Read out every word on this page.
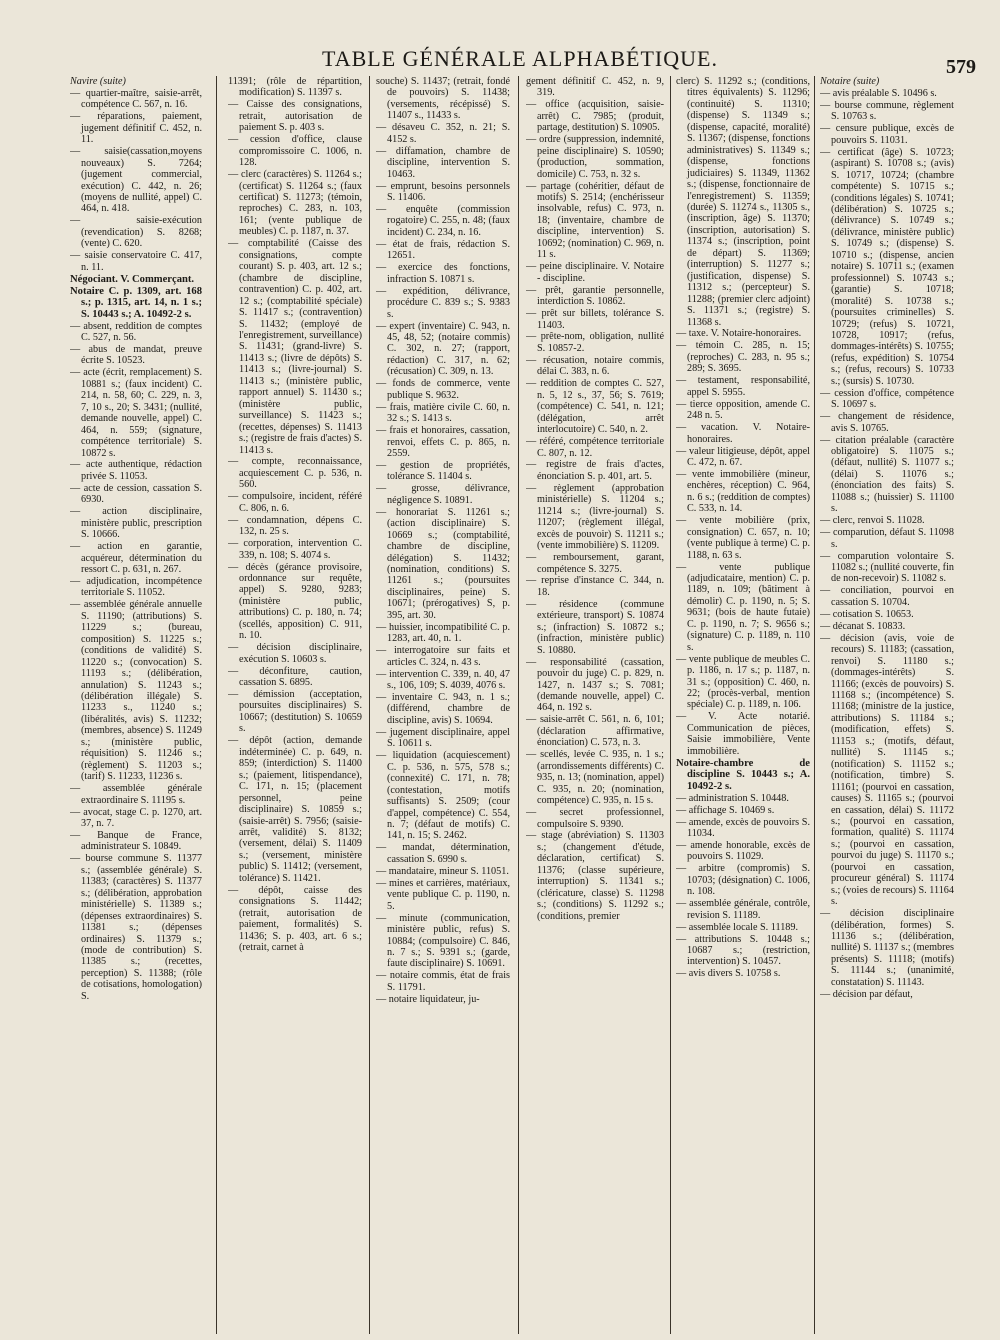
TABLE GÉNÉRALE ALPHABÉTIQUE.	579

Navire (suite)

— quartier-maître, saisie-arrêt, compétence C. 567, n. 16.

— réparations, paiement, jugement définitif C. 452, n. 11.

— saisie(cassation,moyens nouveaux) S. 7264; (jugement commercial, exécution) C. 442, n. 26; (moyens de nullité, appel) C. 464, n. 418.

— saisie-exécution (revendication) S. 8268; (vente) C. 620.

— saisie conservatoire C. 417, n. 11.

Négociant. V. Commerçant.

Notaire C. p. 1309, art. 168 s.; p. 1315, art. 14, n. 1 s.; S. 10443 s.; A. 10492-2 s.

— absent, reddition de comptes C. 527, n. 56.

— abus de mandat, preuve écrite S. 10523.

— acte (écrit, remplacement) S. 10881 s.; (faux incident) C. 214, n. 58, 60; C. 229, n. 3, 7, 10 s., 20; S. 3431; (nullité, demande nouvelle, appel) C. 464, n. 559; (signature, compétence territoriale) S. 10872 s.

— acte authentique, rédaction privée S. 11053.

— acte de cession, cassation S. 6930.

— action disciplinaire, ministère public, prescription S. 10666.

— action en garantie, acquéreur, détermination du ressort C. p. 631, n. 267.

— adjudication, incompétence territoriale S. 11052.

— assemblée générale annuelle S. 11190; (attributions) S. 11229 s.; (bureau, composition) S. 11225 s.; (conditions de validité) S. 11220 s.; (convocation) S. 11193 s.; (délibération, annulation) S. 11243 s.; (délibération illégale) S. 11233 s., 11240 s.; (libéralités, avis) S. 11232; (membres, absence) S. 11249 s.; (ministère public, réquisition) S. 11246 s.; (règlement) S. 11203 s.; (tarif) S. 11233, 11236 s.

— assemblée générale extraordinaire S. 11195 s.

— avocat, stage C. p. 1270, art. 37, n. 7.

— Banque de France, administrateur S. 10849.

— bourse commune S. 11377 s.; (assemblée générale) S. 11383; (caractères) S. 11377 s.; (délibération, approbation ministérielle) S. 11389 s.; (dépenses extraordinaires) S. 11381 s.; (dépenses ordinaires) S. 11379 s.; (mode de contribution) S. 11385 s.; (recettes, perception) S. 11388; (rôle de cotisations, homologation) S.

11391; (rôle de répartition, modification) S. 11397 s.

— Caisse des consignations, retrait, autorisation de paiement S. p. 403 s.

— cession d'office, clause compromissoire C. 1006, n. 128.

— clerc (caractères) S. 11264 s.; (certificat) S. 11264 s.; (faux certificat) S. 11273; (témoin, reproches) C. 283, n. 103, 161; (vente publique de meubles) C. p. 1187, n. 37.

— comptabilité (Caisse des consignations, compte courant) S. p. 403, art. 12 s.; (chambre de discipline, contravention) C. p. 402, art. 12 s.; (comptabilité spéciale) S. 11417 s.; (contravention) S. 11432; (employé de l'enregistrement, surveillance) S. 11431; (grand-livre) S. 11413 s.; (livre de dépôts) S. 11413 s.; (livre-journal) S. 11413 s.; (ministère public, rapport annuel) S. 11430 s.; (ministère public, surveillance) S. 11423 s.; (recettes, dépenses) S. 11413 s.; (registre de frais d'actes) S. 11413 s.

— compte, reconnaissance, acquiescement C. p. 536, n. 560.

— compulsoire, incident, référé C. 806, n. 6.

— condamnation, dépens C. 132, n. 25 s.

— corporation, intervention C. 339, n. 108; S. 4074 s.

— décès (gérance provisoire, ordonnance sur requête, appel) S. 9280, 9283; (ministère public, attributions) C. p. 180, n. 74; (scellés, apposition) C. 911, n. 10.

— décision disciplinaire, exécution S. 10603 s.

— déconfiture, caution, cassation S. 6895.

— démission (acceptation, poursuites disciplinaires) S. 10667; (destitution) S. 10659 s.

— dépôt (action, demande indéterminée) C. p. 649, n. 859; (interdiction) S. 11400 s.; (paiement, litispendance), C. 171, n. 15; (placement personnel, peine disciplinaire) S. 10859 s.; (saisie-arrêt) S. 7956; (saisie-arrêt, validité) S. 8132; (versement, délai) S. 11409 s.; (versement, ministère public) S. 11412; (versement, tolérance) S. 11421.

— dépôt, caisse des consignations S. 11442; (retrait, autorisation de paiement, formalités) S. 11436; S. p. 403, art. 6 s.; (retrait, carnet à

souche) S. 11437; (retrait, fondé de pouvoirs) S. 11438; (versements, récépissé) S. 11407 s., 11433 s.

— désaveu C. 352, n. 21; S. 4152 s.

— diffamation, chambre de discipline, intervention S. 10463.

— emprunt, besoins personnels S. 11406.

— enquête (commission rogatoire) C. 255, n. 48; (faux incident) C. 234, n. 16.

— état de frais, rédaction S. 12651.

— exercice des fonctions, infraction S. 10871 s.

— expédition, délivrance, procédure C. 839 s.; S. 9383 s.

— expert (inventaire) C. 943, n. 45, 48, 52; (notaire commis) C. 302, n. 27; (rapport, rédaction) C. 317, n. 62; (récusation) C. 309, n. 13.

— fonds de commerce, vente publique S. 9632.

— frais, matière civile C. 60, n. 32 s.; S. 1413 s.

— frais et honoraires, cassation, renvoi, effets C. p. 865, n. 2559.

— gestion de propriétés, tolérance S. 11404 s.

— grosse, délivrance, négligence S. 10891.

— honorariat S. 11261 s.; (action disciplinaire) S. 10669 s.; (comptabilité, chambre de discipline, délégation) S. 11432; (nomination, conditions) S. 11261 s.; (poursuites disciplinaires, peine) S. 10671; (prérogatives) S, p. 395, art. 30.

— huissier, incompatibilité C. p. 1283, art. 40, n. 1.

— interrogatoire sur faits et articles C. 324, n. 43 s.

— intervention C. 339, n. 40, 47 s., 106, 109; S. 4039, 4076 s.

— inventaire C. 943, n. 1 s.; (différend, chambre de discipline, avis) S. 10694.

— jugement disciplinaire, appel S. 10611 s.

— liquidation (acquiescement) C. p. 536, n. 575, 578 s.; (connexité) C. 171, n. 78; (contestation, motifs suffisants) S. 2509; (cour d'appel, compétence) C. 554, n. 7; (défaut de motifs) C. 141, n. 15; S. 2462.

— mandat, détermination, cassation S. 6990 s.

— mandataire, mineur S. 11051.

— mines et carrières, matériaux, vente publique C. p. 1190, n. 5.

— minute (communication, ministère public, refus) S. 10884; (compulsoire) C. 846, n. 7 s.; S. 9391 s.; (garde, faute disciplinaire) S. 10691.

— notaire commis, état de frais S. 11791.

— notaire liquidateur, ju-

gement définitif C. 452, n. 9, 319.

— office (acquisition, saisie-arrêt) C. 7985; (produit, partage, destitution) S. 10905.

— ordre (suppression, indemnité, peine disciplinaire) S. 10590; (production, sommation, domicile) C. 753, n. 32 s.

— partage (cohéritier, défaut de motifs) S. 2514; (enchérisseur insolvable, refus) C. 973, n. 18; (inventaire, chambre de discipline, intervention) S. 10692; (nomination) C. 969, n. 11 s.

— peine disciplinaire. V. Notaire - discipline.

— prêt, garantie personnelle, interdiction S. 10862.

— prêt sur billets, tolérance S. 11403.

— prête-nom, obligation, nullité S. 10857-2.

— récusation, notaire commis, délai C. 383, n. 6.

— reddition de comptes C. 527, n. 5, 12 s., 37, 56; S. 7619; (compétence) C. 541, n. 121; (délégation, arrêt interlocutoire) C. 540, n. 2.

— référé, compétence territoriale C. 807, n. 12.

— registre de frais d'actes, énonciation S. p. 401, art. 5.

— règlement (approbation ministérielle) S. 11204 s.; 11214 s.; (livre-journal) S. 11207; (règlement illégal, excès de pouvoir) S. 11211 s.; (vente immobilière) S. 11209.

— remboursement, garant, compétence S. 3275.

— reprise d'instance C. 344, n. 18.

— résidence (commune extérieure, transport) S. 10874 s.; (infraction) S. 10872 s.; (infraction, ministère public) S. 10880.

— responsabilité (cassation, pouvoir du juge) C. p. 829, n. 1427, n. 1437 s.; S. 7081; (demande nouvelle, appel) C. 464, n. 192 s.

— saisie-arrêt C. 561, n. 6, 101; (déclaration affirmative, énonciation) C. 573, n. 3.

— scellés, levée C. 935, n. 1 s.; (arrondissements différents) C. 935, n. 13; (nomination, appel) C. 935, n. 20; (nomination, compétence) C. 935, n. 15 s.

— secret professionnel, compulsoire S. 9390.

— stage (abréviation) S. 11303 s.; (changement d'étude, déclaration, certificat) S. 11376; (classe supérieure, interruption) S. 11341 s.; (cléricature, classe) S. 11298 s.; (conditions) S. 11292 s.; (conditions, premier

clerc) S. 11292 s.; (conditions, titres équivalents) S. 11296; (continuité) S. 11310; (dispense) S. 11349 s.; (dispense, capacité, moralité) S. 11367; (dispense, fonctions administratives) S. 11349 s.; (dispense, fonctions judiciaires) S. 11349, 11362 s.; (dispense, fonctionnaire de l'enregistrement) S. 11359; (durée) S. 11274 s., 11305 s., (inscription, âge) S. 11370; (inscription, autorisation) S. 11374 s.; (inscription, point de départ) S. 11369; (interruption) S. 11277 s.; (justification, dispense) S. 11312 s.; (percepteur) S. 11288; (premier clerc adjoint) S. 11371 s.; (registre) S. 11368 s.

— taxe. V. Notaire-honoraires.

— témoin C. 285, n. 15; (reproches) C. 283, n. 95 s.; 289; S. 3695.

— testament, responsabilité, appel S. 5955.

— tierce opposition, amende C. 248 n. 5.

— vacation. V. Notaire-honoraires.

— valeur litigieuse, dépôt, appel C. 472, n. 67.

— vente immobilière (mineur, enchères, réception) C. 964, n. 6 s.; (reddition de comptes) C. 533, n. 14.

— vente mobilière (prix, consignation) C. 657, n. 10; (vente publique à terme) C. p. 1188, n. 63 s.

— vente publique (adjudicataire, mention) C. p. 1189, n. 109; (bâtiment à démolir) C. p. 1190, n. 5; S. 9631; (bois de haute futaie) C. p. 1190, n. 7; S. 9656 s.; (signature) C. p. 1189, n. 110 s.

— vente publique de meubles C. p. 1186, n. 17 s.; p. 1187, n. 31 s.; (opposition) C. 460, n. 22; (procès-verbal, mention spéciale) C. p. 1189, n. 106.

— V. Acte notarié. Communication de pièces, Saisie immobilière, Vente immobilière.

Notaire-chambre de discipline S. 10443 s.; A. 10492-2 s.

— administration S. 10448.

— affichage S. 10469 s.

— amende, excès de pouvoirs S. 11034.

— amende honorable, excès de pouvoirs S. 11029.

— arbitre (compromis) S. 10703; (désignation) C. 1006, n. 108.

— assemblée générale, contrôle, revision S. 11189.

— assemblée locale S. 11189.

— attributions S. 10448 s.; 10687 s.; (restriction, intervention) S. 10457.

— avis divers S. 10758 s.

Notaire (suite)

— avis préalable S. 10496 s.

— bourse commune, règlement S. 10763 s.

— censure publique, excès de pouvoirs S. 11031.

— certificat (âge) S. 10723; (aspirant) S. 10708 s.; (avis) S. 10717, 10724; (chambre compétente) S. 10715 s.; (conditions légales) S. 10741; (délibération) S. 10725 s.; (délivrance) S. 10749 s.; (délivrance, ministère public) S. 10749 s.; (dispense) S. 10710 s.; (dispense, ancien notaire) S. 10711 s.; (examen professionnel) S. 10743 s.; (garantie) S. 10718; (moralité) S. 10738 s.; (poursuites criminelles) S. 10729; (refus) S. 10721, 10728, 10917; (refus, dommages-intérêts) S. 10755; (refus, expédition) S. 10754 s.; (refus, recours) S. 10733 s.; (sursis) S. 10730.

— cession d'office, compétence S. 10697 s.

— changement de résidence, avis S. 10765.

— citation préalable (caractère obligatoire) S. 11075 s.; (défaut, nullité) S. 11077 s.; (délai) S. 11076 s.; (énonciation des faits) S. 11088 s.; (huissier) S. 11100 s.

— clerc, renvoi S. 11028.

— comparution, défaut S. 11098 s.

— comparution volontaire S. 11082 s.; (nullité couverte, fin de non-recevoir) S. 11082 s.

— conciliation, pourvoi en cassation S. 10704.

— cotisation S. 10653.

— décanat S. 10833.

— décision (avis, voie de recours) S. 11183; (cassation, renvoi) S. 11180 s.; (dommages-intérêts) S. 11166; (excès de pouvoirs) S. 11168 s.; (incompétence) S. 11168; (ministre de la justice, attributions) S. 11184 s.; (modification, effets) S. 11153 s.; (motifs, défaut, nullité) S. 11145 s.; (notification) S. 11152 s.; (notification, timbre) S. 11161; (pourvoi en cassation, causes) S. 11165 s.; (pourvoi en cassation, délai) S. 11172 s.; (pourvoi en cassation, formation, qualité) S. 11174 s.; (pourvoi en cassation, pourvoi du juge) S. 11170 s.; (pourvoi en cassation, procureur général) S. 11174 s.; (voies de recours) S. 11164 s.

— décision disciplinaire (délibération, formes) S. 11136 s.; (délibération, nullité) S. 11137 s.; (membres présents) S. 11118; (motifs) S. 11144 s.; (unanimité, constatation) S. 11143.

— décision par défaut,
